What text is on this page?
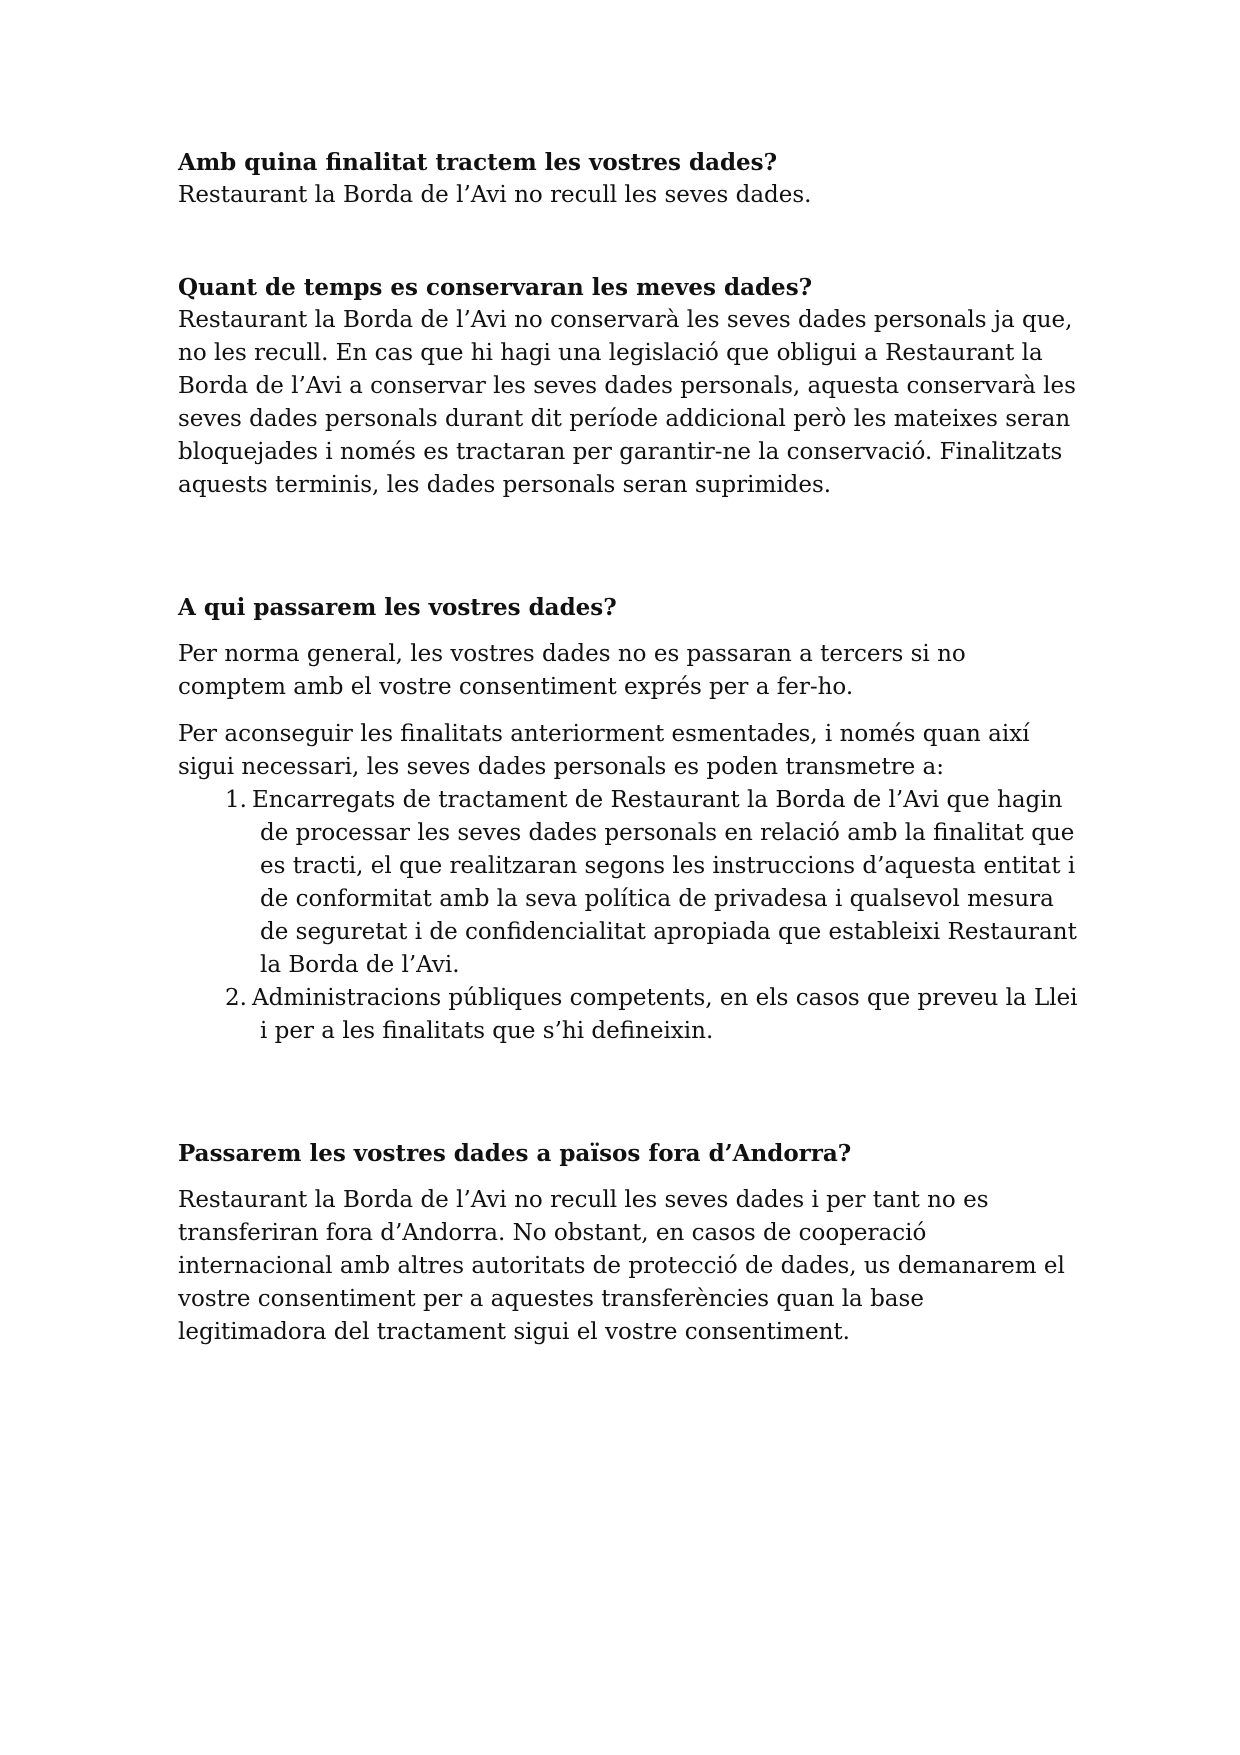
Amb quina finalitat tractem les vostres dades?

Restaurant la Borda de l’Avi no recull les seves dades.

Quant de temps es conservaran les meves dades?

Restaurant la Borda de l’Avi no conservarà les seves dades personals ja que, no les recull. En cas que hi hagi una legislació que obligui a Restaurant la Borda de l’Avi a conservar les seves dades personals, aquesta conservarà les seves dades personals durant dit període addicional però les mateixes seran bloquejades i només es tractaran per garantir-ne la conservació. Finalitzats aquests terminis, les dades personals seran suprimides.

A qui passarem les vostres dades?

Per norma general, les vostres dades no es passaran a tercers si no comptem amb el vostre consentiment exprés per a fer-ho.

Per aconseguir les finalitats anteriorment esmentades, i només quan així sigui necessari, les seves dades personals es poden transmetre a:

1. Encarregats de tractament de Restaurant la Borda de l’Avi que hagin de processar les seves dades personals en relació amb la finalitat que es tracti, el que realitzaran segons les instruccions d’aquesta entitat i de conformitat amb la seva política de privadesa i qualsevol mesura de seguretat i de confidencialitat apropiada que estableixi Restaurant la Borda de l’Avi.
2. Administracions públiques competents, en els casos que preveu la Llei i per a les finalitats que s’hi defineixin.
Passarem les vostres dades a països fora d’Andorra?

Restaurant la Borda de l’Avi no recull les seves dades i per tant no es transferiran fora d’Andorra. No obstant, en casos de cooperació internacional amb altres autoritats de protecció de dades, us demanarem el vostre consentiment per a aquestes transferències quan la base legitimadora del tractament sigui el vostre consentiment.
